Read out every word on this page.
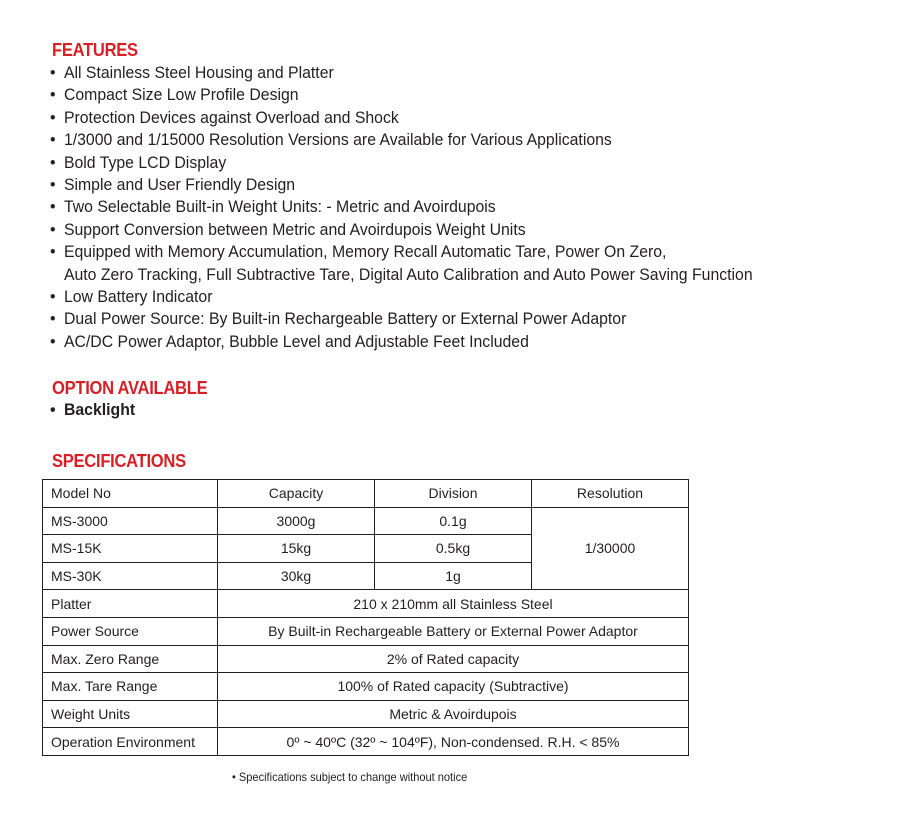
FEATURES
• All Stainless Steel Housing and Platter
• Compact Size Low Profile Design
• Protection Devices against Overload and Shock
• 1/3000 and 1/15000 Resolution Versions are Available for Various Applications
• Bold Type LCD Display
• Simple and User Friendly Design
• Two Selectable Built-in Weight Units: - Metric and Avoirdupois
• Support Conversion between Metric and Avoirdupois Weight Units
• Equipped with Memory Accumulation, Memory Recall Automatic Tare, Power On Zero,
Auto Zero Tracking, Full Subtractive Tare, Digital Auto Calibration and Auto Power Saving Function
• Low Battery Indicator
• Dual Power Source: By Built-in Rechargeable Battery or External Power Adaptor
• AC/DC Power Adaptor, Bubble Level and Adjustable Feet Included
OPTION AVAILABLE
• Backlight
SPECIFICATIONS
Model No	Capacity	Division	Resolution
MS-3000	3000g	0.1g	1/30000
MS-15K	15kg	0.5kg	
MS-30K	30kg	1g	
Platter	210 x 210mm all Stainless Steel		
Power Source	By Built-in Rechargeable Battery or External Power Adaptor		
Max. Zero Range	2% of Rated capacity		
Max. Tare Range	100% of Rated capacity (Subtractive)		
Weight Units	Metric & Avoirdupois		
Operation Environment	0º ~ 40ºC (32º ~ 104ºF), Non-condensed. R.H. < 85%		
• Specifications subject to change without notice
